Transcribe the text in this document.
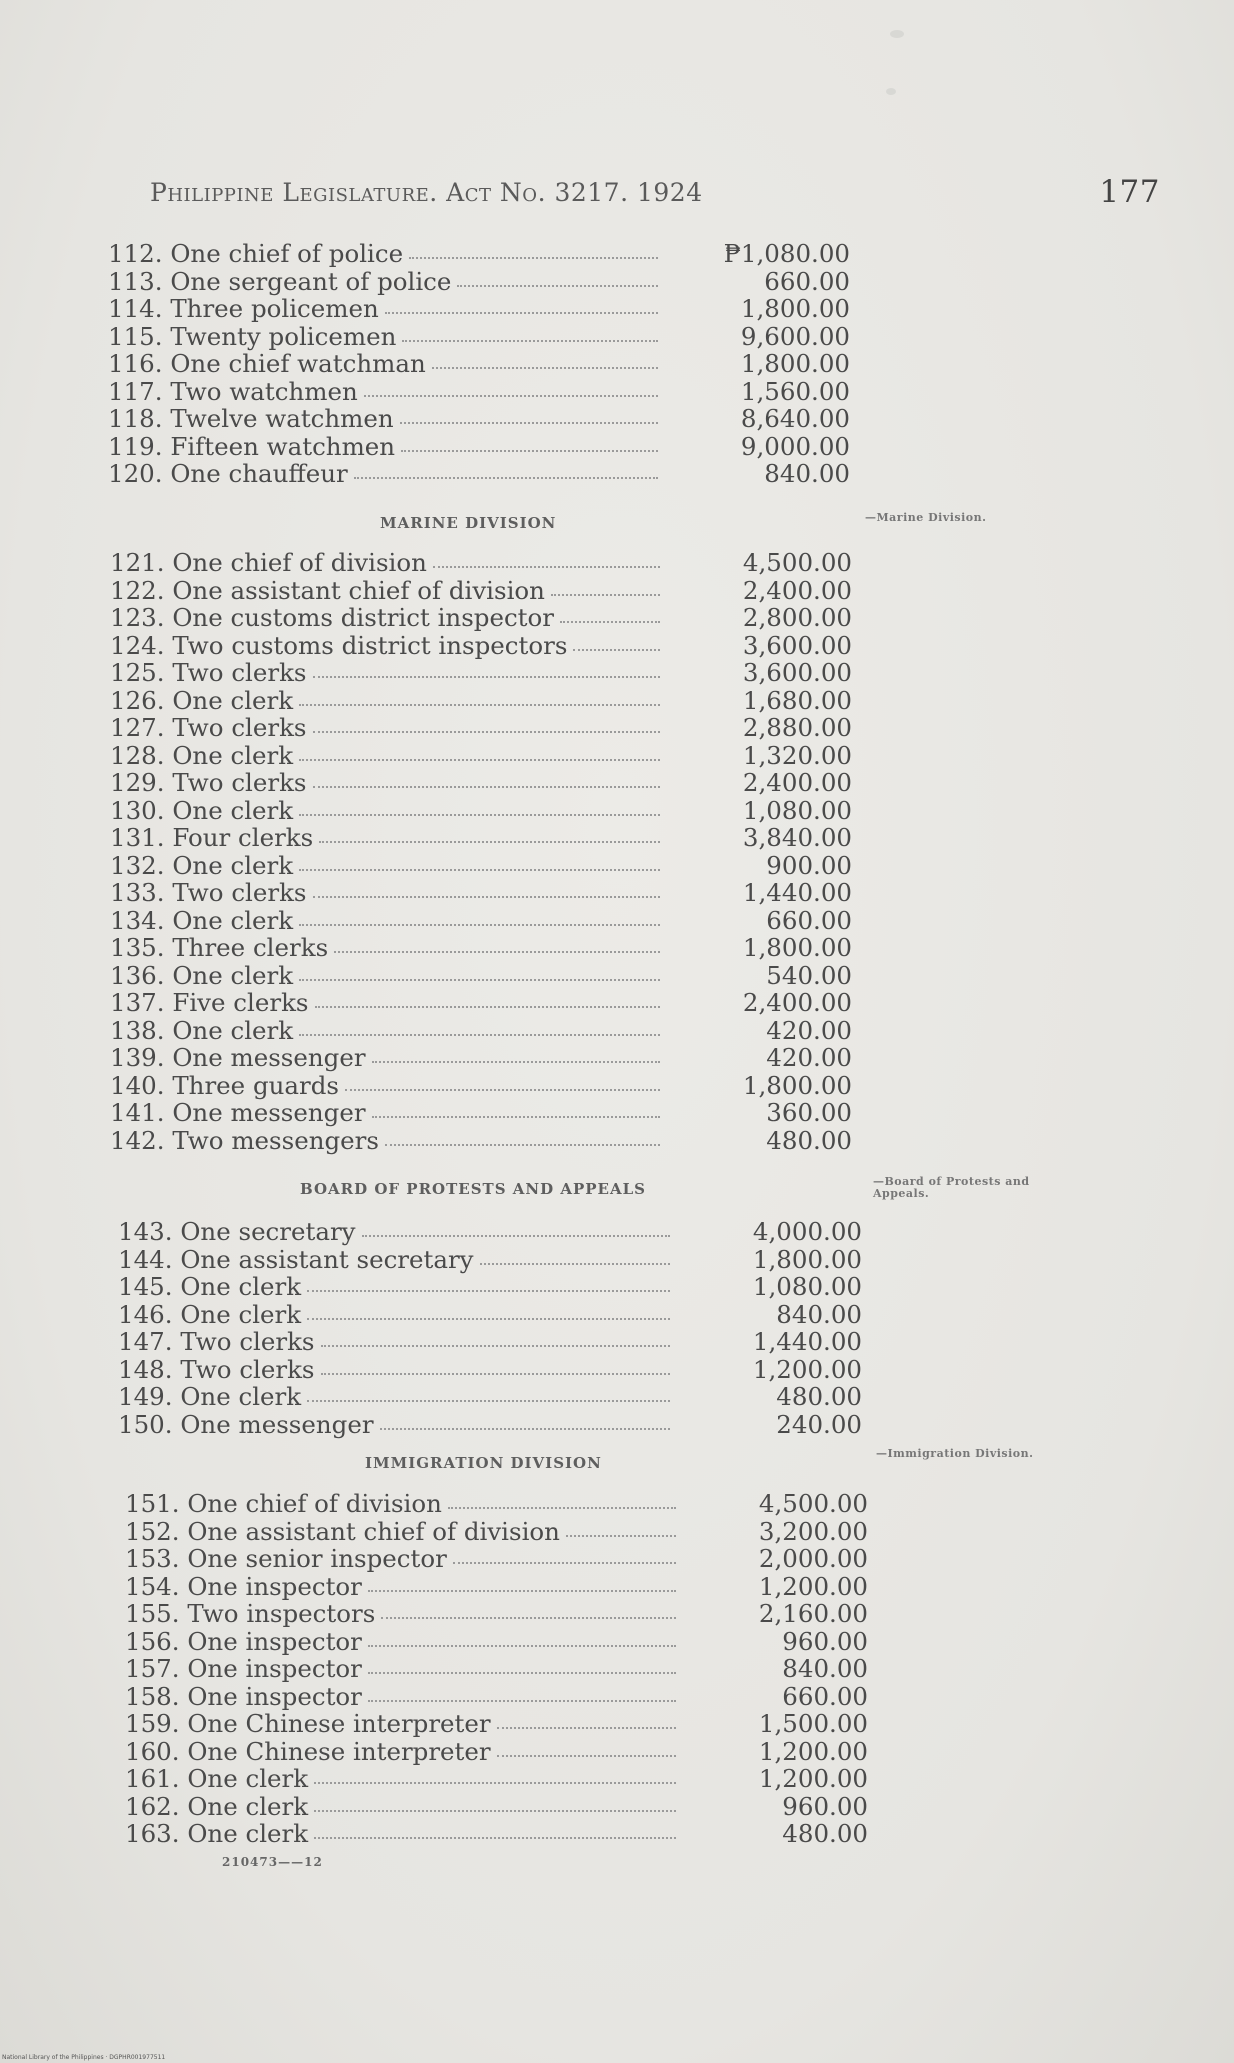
Philippine Legislature. Act No. 3217. 1924	177
112. One chief of police	₱1,080.00
113. One sergeant of police	660.00
114. Three policemen	1,800.00
115. Twenty policemen	9,600.00
116. One chief watchman	1,800.00
117. Two watchmen	1,560.00
118. Twelve watchmen	8,640.00
119. Fifteen watchmen	9,000.00
120. One chauffeur	840.00
MARINE DIVISION	—Marine Division.
121. One chief of division	4,500.00
122. One assistant chief of division	2,400.00
123. One customs district inspector	2,800.00
124. Two customs district inspectors	3,600.00
125. Two clerks	3,600.00
126. One clerk	1,680.00
127. Two clerks	2,880.00
128. One clerk	1,320.00
129. Two clerks	2,400.00
130. One clerk	1,080.00
131. Four clerks	3,840.00
132. One clerk	900.00
133. Two clerks	1,440.00
134. One clerk	660.00
135. Three clerks	1,800.00
136. One clerk	540.00
137. Five clerks	2,400.00
138. One clerk	420.00
139. One messenger	420.00
140. Three guards	1,800.00
141. One messenger	360.00
142. Two messengers	480.00
BOARD OF PROTESTS AND APPEALS	—Board of Protests and Appeals.
143. One secretary	4,000.00
144. One assistant secretary	1,800.00
145. One clerk	1,080.00
146. One clerk	840.00
147. Two clerks	1,440.00
148. Two clerks	1,200.00
149. One clerk	480.00
150. One messenger	240.00
IMMIGRATION DIVISION
—Immigration Division.
151. One chief of division	4,500.00
152. One assistant chief of division	3,200.00
153. One senior inspector	2,000.00
154. One inspector	1,200.00
155. Two inspectors	2,160.00
156. One inspector	960.00
157. One inspector	840.00
158. One inspector	660.00
159. One Chinese interpreter	1,500.00
160. One Chinese interpreter	1,200.00
161. One clerk	1,200.00
162. One clerk	960.00
163. One clerk	480.00
210473——12
National Library of the Philippines · DGPHR001977511
